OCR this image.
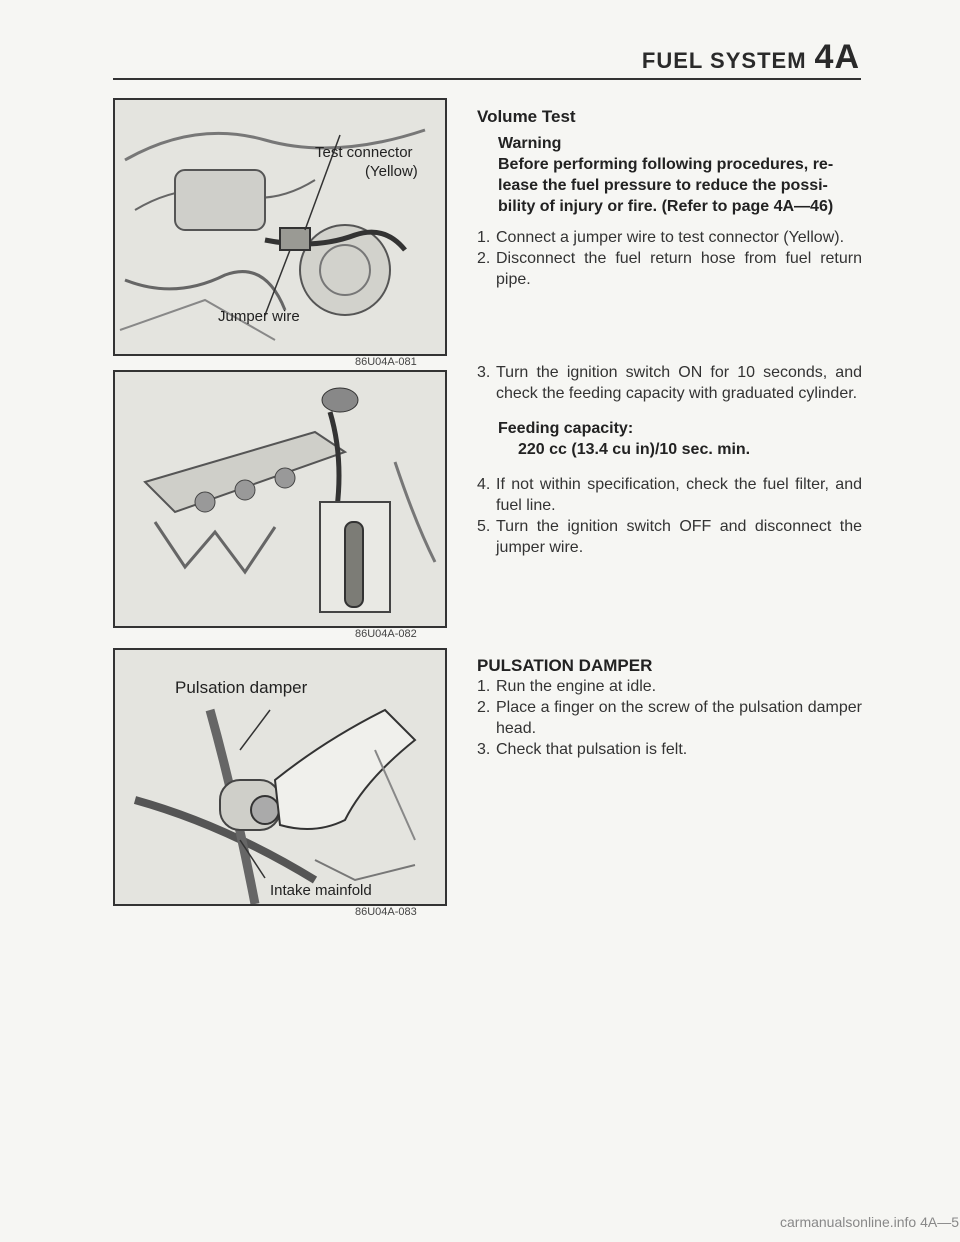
FUEL SYSTEM 4A
Test connector
(Yellow)
Jumper wire
86U04A-081
86U04A-082
Pulsation damper
Intake mainfold
86U04A-083
Volume Test
Warning
Before performing following procedures, re-lease the fuel pressure to reduce the possi-bility of injury or fire. (Refer to page 4A—46)
1. Connect a jumper wire to test connector (Yellow).
2. Disconnect the fuel return hose from fuel return pipe.
3. Turn the ignition switch ON for 10 seconds, and check the feeding capacity with graduated cylinder.
Feeding capacity:
220 cc (13.4 cu in)/10 sec. min.
4. If not within specification, check the fuel filter, and fuel line.
5. Turn the ignition switch OFF and disconnect the jumper wire.
PULSATION DAMPER
1. Run the engine at idle.
2. Place a finger on the screw of the pulsation damper head.
3. Check that pulsation is felt.
carmanualsonline.info 4A—5
